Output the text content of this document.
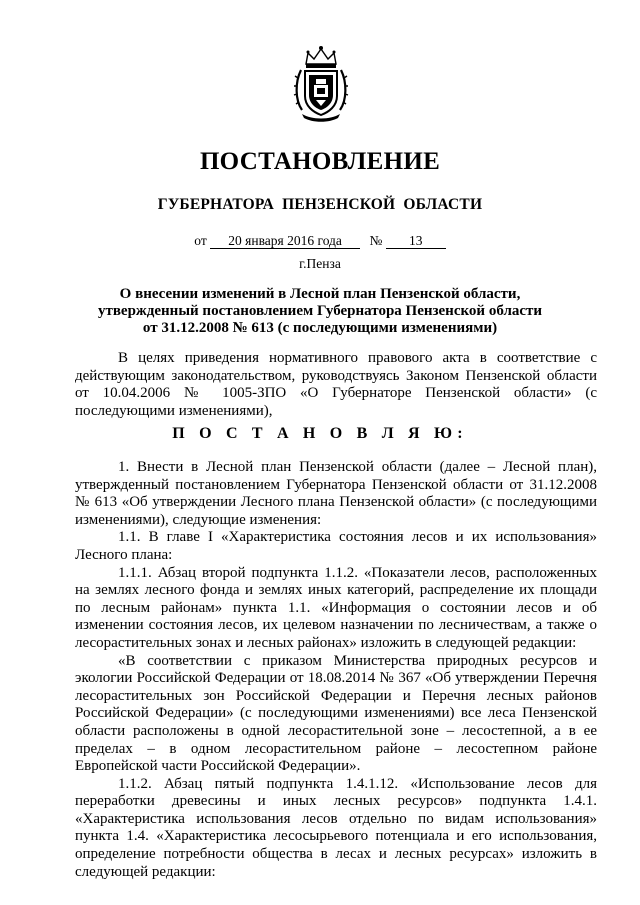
ПОСТАНОВЛЕНИЕ
ГУБЕРНАТОРА ПЕНЗЕНСКОЙ ОБЛАСТИ
от 20 января 2016 года № 13
г.Пенза
О внесении изменений в Лесной план Пензенской области,
утвержденный постановлением Губернатора Пензенской области
от 31.12.2008 № 613 (с последующими изменениями)

В целях приведения нормативного правового акта в соответствие с действующим законодательством, руководствуясь Законом Пензенской области от 10.04.2006 № 1005-ЗПО «О Губернаторе Пензенской области» (с последующими изменениями),

П О С Т А Н О В Л Я Ю:

1. Внести в Лесной план Пензенской области (далее – Лесной план), утвержденный постановлением Губернатора Пензенской области от 31.12.2008 № 613 «Об утверждении Лесного плана Пензенской области» (с последующими изменениями), следующие изменения:

1.1. В главе I «Характеристика состояния лесов и их использования» Лесного плана:

1.1.1. Абзац второй подпункта 1.1.2. «Показатели лесов, расположенных на землях лесного фонда и землях иных категорий, распределение их площади по лесным районам» пункта 1.1. «Информация о состоянии лесов и об изменении состояния лесов, их целевом назначении по лесничествам, а также о лесорастительных зонах и лесных районах» изложить в следующей редакции:

«В соответствии с приказом Министерства природных ресурсов и экологии Российской Федерации от 18.08.2014 № 367 «Об утверждении Перечня лесорастительных зон Российской Федерации и Перечня лесных районов Российской Федерации» (с последующими изменениями) все леса Пензенской области расположены в одной лесорастительной зоне – лесостепной, а в ее пределах – в одном лесорастительном районе – лесостепном районе Европейской части Российской Федерации».

1.1.2. Абзац пятый подпункта 1.4.1.12. «Использование лесов для переработки древесины и иных лесных ресурсов» подпункта 1.4.1. «Характеристика использования лесов отдельно по видам использования» пункта 1.4. «Характеристика лесосырьевого потенциала и его использования, определение потребности общества в лесах и лесных ресурсах» изложить в следующей редакции:
